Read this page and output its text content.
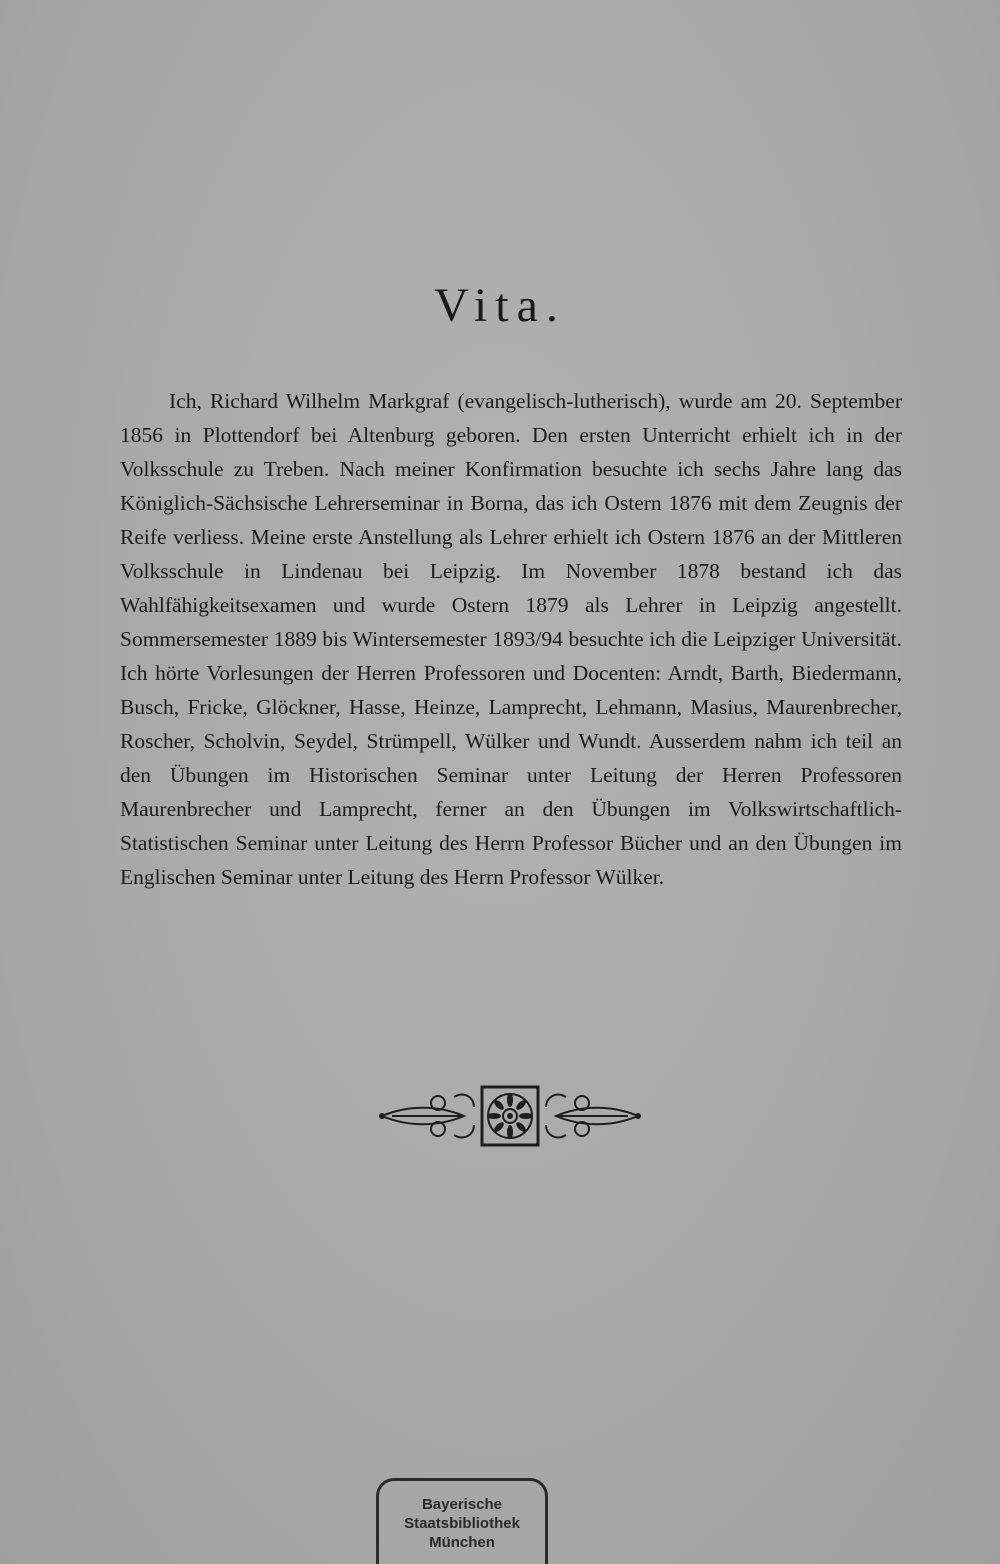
Vita.

Ich, Richard Wilhelm Markgraf (evangelisch-lutherisch), wurde am 20. September 1856 in Plottendorf bei Altenburg geboren. Den ersten Unterricht erhielt ich in der Volksschule zu Treben. Nach meiner Konfirmation besuchte ich sechs Jahre lang das Königlich-Sächsische Lehrerseminar in Borna, das ich Ostern 1876 mit dem Zeugnis der Reife verliess. Meine erste Anstellung als Lehrer erhielt ich Ostern 1876 an der Mittleren Volksschule in Lindenau bei Leipzig. Im November 1878 bestand ich das Wahlfähigkeitsexamen und wurde Ostern 1879 als Lehrer in Leipzig angestellt. Sommersemester 1889 bis Wintersemester 1893/94 besuchte ich die Leipziger Universität. Ich hörte Vorlesungen der Herren Professoren und Docenten: Arndt, Barth, Biedermann, Busch, Fricke, Glöckner, Hasse, Heinze, Lamprecht, Lehmann, Masius, Maurenbrecher, Roscher, Scholvin, Seydel, Strümpell, Wülker und Wundt. Ausserdem nahm ich teil an den Übungen im Historischen Seminar unter Leitung der Herren Professoren Maurenbrecher und Lamprecht, ferner an den Übungen im Volkswirtschaftlich-Statistischen Seminar unter Leitung des Herrn Professor Bücher und an den Übungen im Englischen Seminar unter Leitung des Herrn Professor Wülker.

Bayerische
Staatsbibliothek
München
